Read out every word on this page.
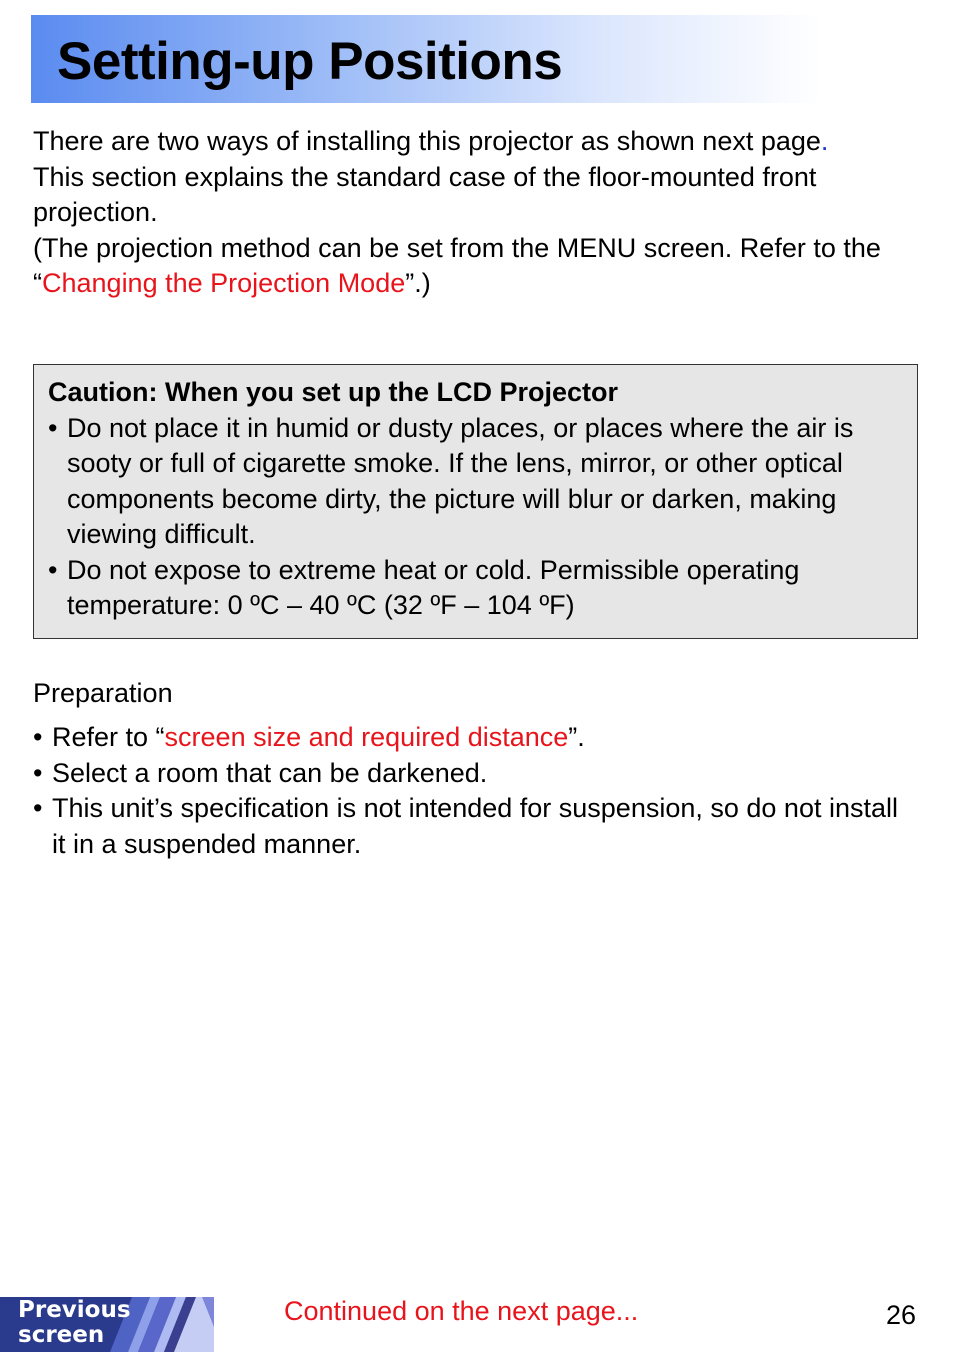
Setting-up Positions

There are two ways of installing this projector as shown next page.

This section explains the standard case of the floor-mounted front projection.

(The projection method can be set from the MENU screen. Refer to the “Changing the Projection Mode”.)

Caution: When you set up the LCD Projector
• Do not place it in humid or dusty places, or places where the air is sooty or full of cigarette smoke. If the lens, mirror, or other optical components become dirty, the picture will blur or darken, making viewing difficult.
• Do not expose to extreme heat or cold. Permissible operating temperature: 0 ºC – 40 ºC (32 ºF – 104 ºF)
Preparation
• Refer to “screen size and required distance”.
• Select a room that can be darkened.
• This unit’s specification is not intended for suspension, so do not install it in a suspended manner.
Previous
screen
Continued on the next page...	26
